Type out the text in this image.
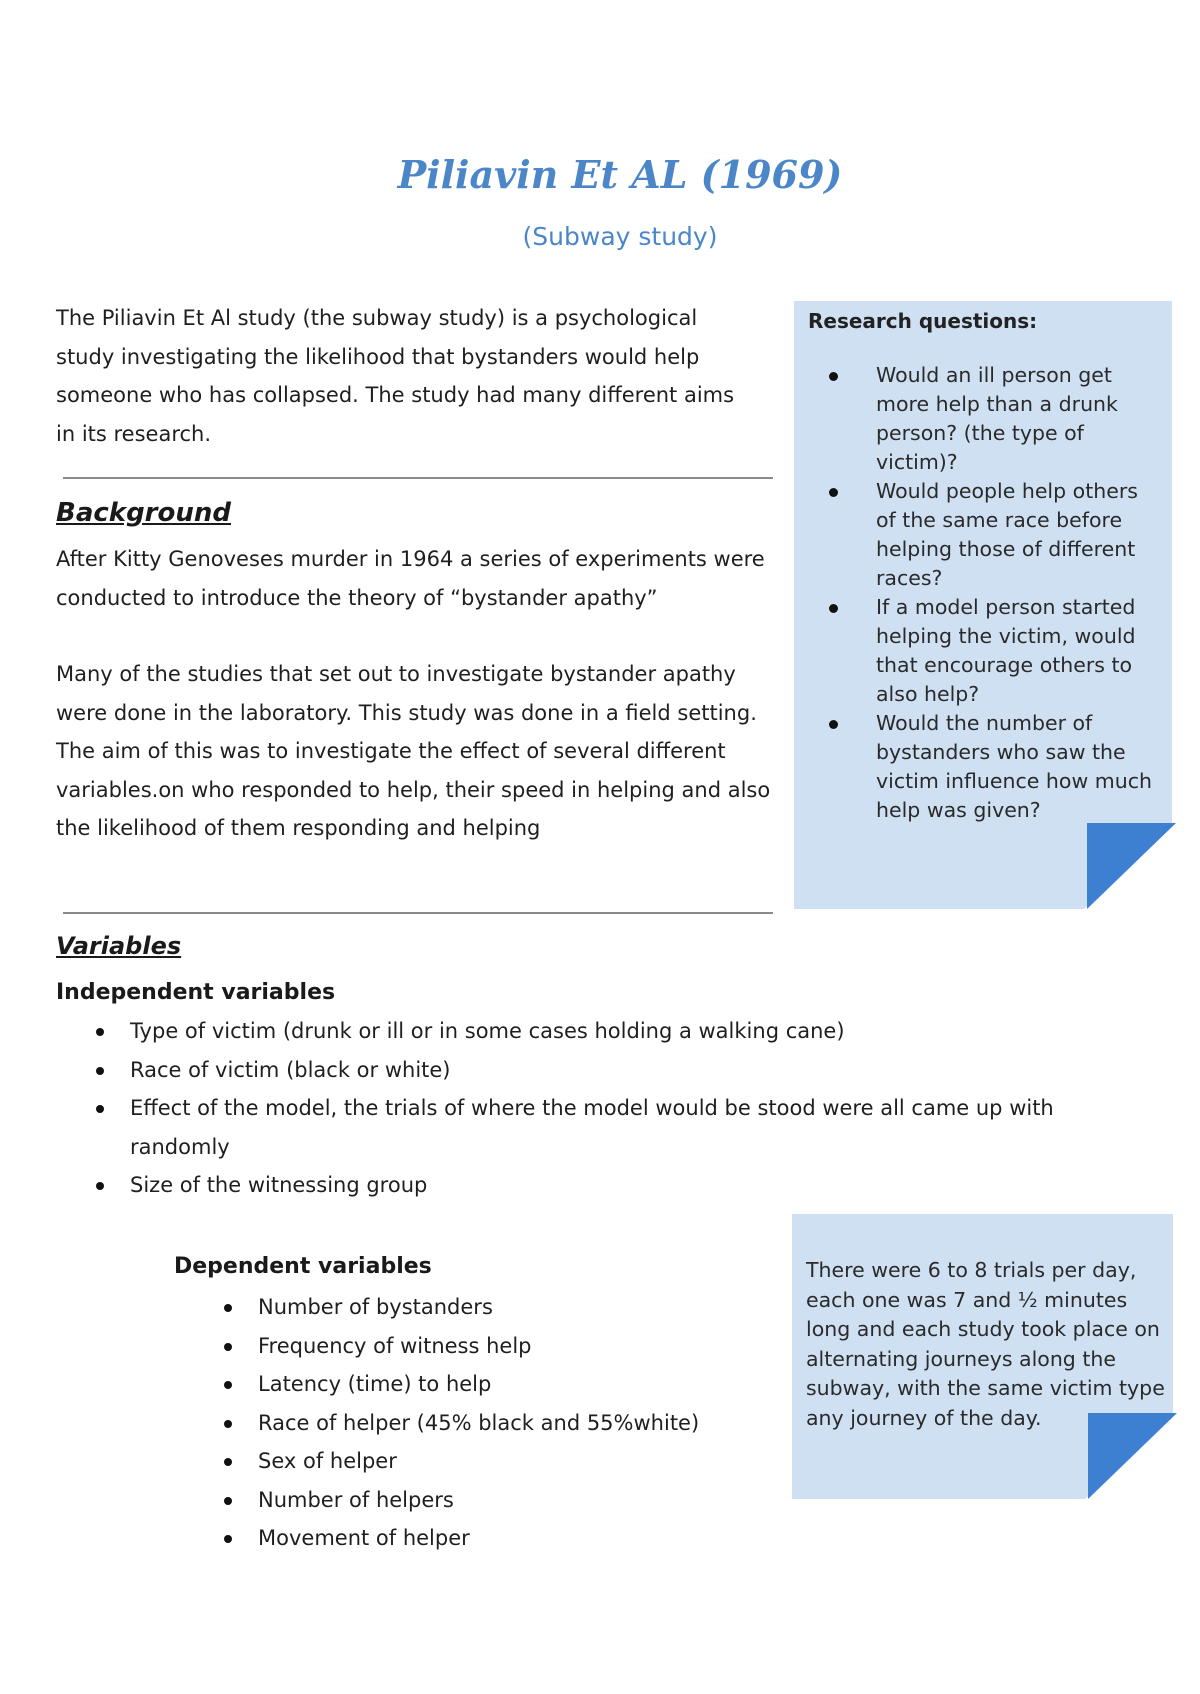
Piliavin Et AL (1969)
(Subway study)
The Piliavin Et Al study (the subway study) is a psychological study investigating the likelihood that bystanders would help someone who has collapsed. The study had many different aims in its research.
Background

After Kitty Genoveses murder in 1964 a series of experiments were conducted to introduce the theory of “bystander apathy”

Many of the studies that set out to investigate bystander apathy were done in the laboratory. This study was done in a field setting. The aim of this was to investigate the effect of several different variables.on who responded to help, their speed in helping and also the likelihood of them responding and helping

Variables
Independent variables
Type of victim (drunk or ill or in some cases holding a walking cane)
Race of victim (black or white)
Effect of the model, the trials of where the model would be stood were all came up with randomly
Size of the witnessing group
Dependent variables
Number of bystanders
Frequency of witness help
Latency (time) to help
Race of helper (45% black and 55%white)
Sex of helper
Number of helpers
Movement of helper
Research questions:
Would an ill person get more help than a drunk person? (the type of victim)?
Would people help others of the same race before helping those of different races?
If a model person started helping the victim, would that encourage others to also help?
Would the number of bystanders who saw the victim influence how much help was given?
There were 6 to 8 trials per day, each one was 7 and ½ minutes long and each study took place on alternating journeys along the subway, with the same victim type any journey of the day.
